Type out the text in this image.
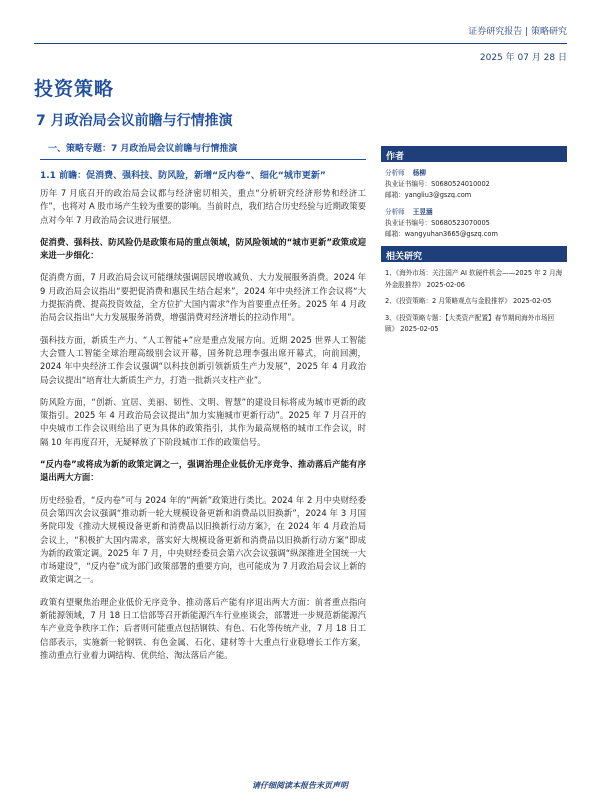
证券研究报告 | 策略研究
2025 年 07 月 28 日
投资策略
7 月政治局会议前瞻与行情推演
一、策略专题：7 月政治局会议前瞻与行情推演
1.1 前瞻：促消费、强科技、防风险，新增“反内卷”、细化“城市更新”
历年 7 月底召开的政治局会议都与经济密切相关，重点“分析研究经济形势和经济工作”，也将对 A 股市场产生较为重要的影响。当前时点，我们结合历史经验与近期政策要点对今年 7 月政治局会议进行展望。
促消费、强科技、防风险仍是政策布局的重点领域，防风险领域的“城市更新”政策或迎来进一步细化：
促消费方面，7 月政治局会议可能继续强调居民增收减负、大力发展服务消费。2024 年 9 月政治局会议指出“要把促消费和惠民生结合起来”，2024 年中央经济工作会议将“大力提振消费、提高投资效益，全方位扩大国内需求”作为首要重点任务。2025 年 4 月政治局会议指出“大力发展服务消费，增强消费对经济增长的拉动作用”。
强科技方面，新质生产力、“人工智能+”应是重点发展方向。近期 2025 世界人工智能大会暨人工智能全球治理高级别会议开幕，国务院总理李强出席开幕式，向前回溯，2024 年中央经济工作会议强调“以科技创新引领新质生产力发展”，2025 年 4 月政治局会议提出“培育壮大新质生产力，打造一批新兴支柱产业”。
防风险方面，“创新、宜居、美丽、韧性、文明、智慧”的建设目标将成为城市更新的政策指引。2025 年 4 月政治局会议提出“加力实施城市更新行动”。2025 年 7 月召开的中央城市工作会议则给出了更为具体的政策指引，其作为最高规格的城市工作会议，时隔 10 年再度召开，无疑释放了下阶段城市工作的政策信号。
“反内卷”或将成为新的政策定调之一，强调治理企业低价无序竞争、推动落后产能有序退出两大方面：
历史经验看，“反内卷”可与 2024 年的“两新”政策进行类比。2024 年 2 月中央财经委员会第四次会议强调“推动新一轮大规模设备更新和消费品以旧换新”，2024 年 3 月国务院印发《推动大规模设备更新和消费品以旧换新行动方案》，在 2024 年 4 月政治局会议上，“积极扩大国内需求，落实好大规模设备更新和消费品以旧换新行动方案”即成为新的政策定调。2025 年 7 月，中央财经委员会第六次会议强调“纵深推进全国统一大市场建设”，“反内卷”成为部门政策部署的重要方向，也可能成为 7 月政治局会议上新的政策定调之一。
政策有望聚焦治理企业低价无序竞争、推动落后产能有序退出两大方面：前者重点指向新能源领域，7 月 18 日工信部等召开新能源汽车行业座谈会，部署进一步规范新能源汽车产业竞争秩序工作；后者则可能重点包括钢铁、有色、石化等传统产业，7 月 18 日工信部表示，实施新一轮钢铁、有色金属、石化、建材等十大重点行业稳增长工作方案，推动重点行业着力调结构、优供给、淘汰落后产能。
作者
分析师 杨柳
执业证书编号：S0680524010002
邮箱：yangliu3@gszq.com
分析师 王昱涵
执业证书编号：S0680523070005
邮箱：wangyuhan3665@gszq.com
相关研究
1、《海外市场：关注国产 AI 软硬件机会——2025 年 2 月海外金股推荐》 2025-02-06
2、《投资策略：2 月策略观点与金股推荐》 2025-02-05
3、《投资策略专题：【大类资产配置】春节期间海外市场回顾》 2025-02-05
请仔细阅读本报告末页声明
